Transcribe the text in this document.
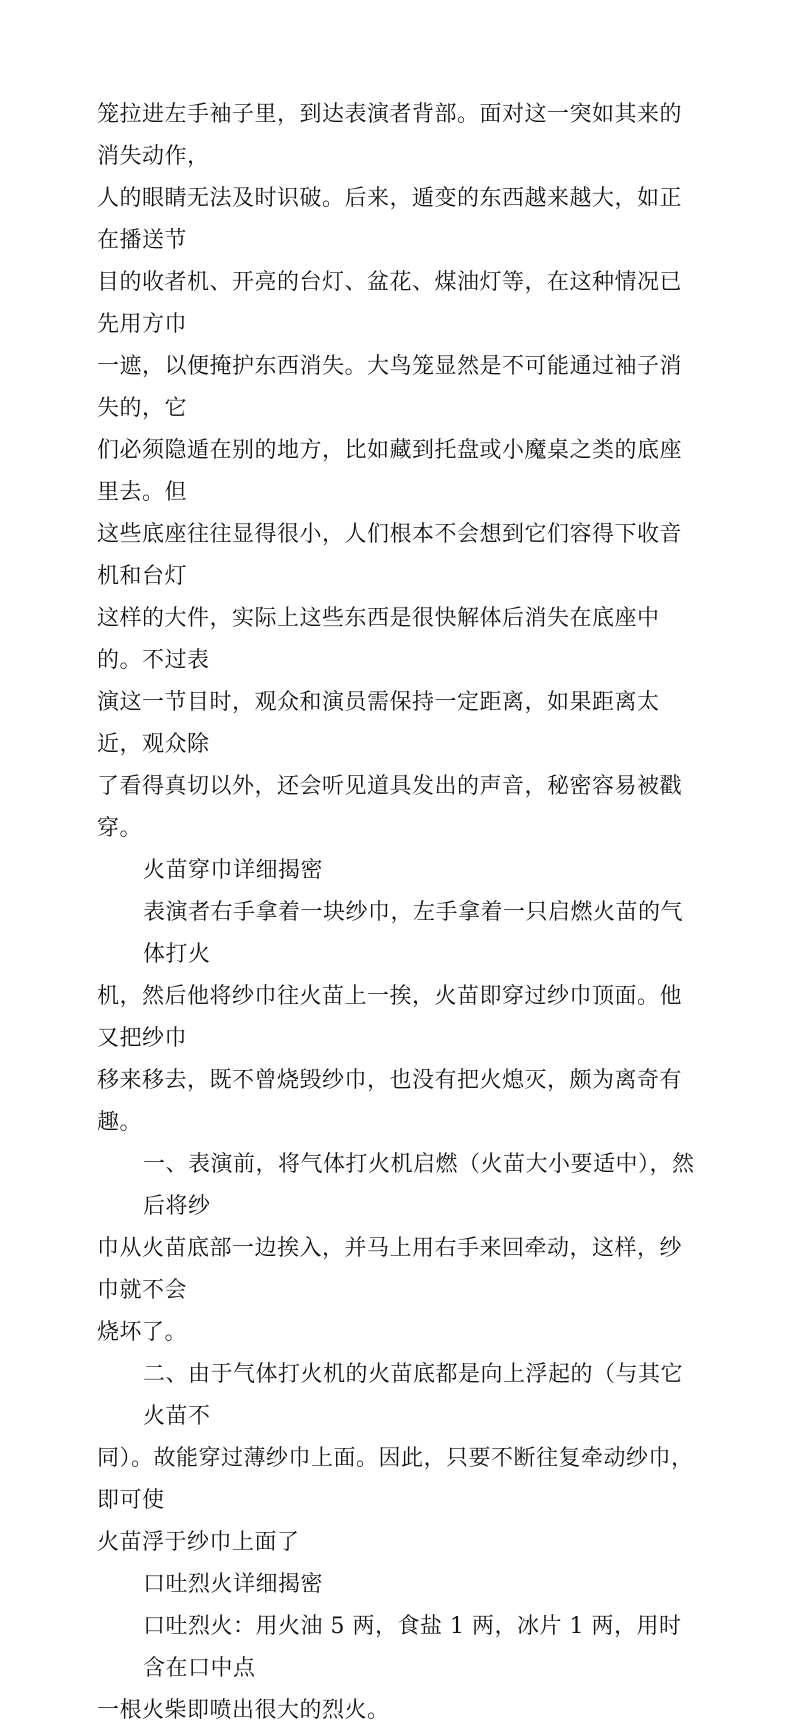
笼拉进左手袖子里，到达表演者背部。面对这一突如其来的消失动作，
人的眼睛无法及时识破。后来，遁变的东西越来越大，如正在播送节
目的收者机、开亮的台灯、盆花、煤油灯等，在这种情况已先用方巾
一遮，以便掩护东西消失。大鸟笼显然是不可能通过袖子消失的，它
们必须隐遁在别的地方，比如藏到托盘或小魔桌之类的底座里去。但
这些底座往往显得很小，人们根本不会想到它们容得下收音机和台灯
这样的大件，实际上这些东西是很快解体后消失在底座中的。不过表
演这一节目时，观众和演员需保持一定距离，如果距离太近，观众除
了看得真切以外，还会听见道具发出的声音，秘密容易被戳穿。
火苗穿巾详细揭密
表演者右手拿着一块纱巾，左手拿着一只启燃火苗的气体打火
机，然后他将纱巾往火苗上一挨，火苗即穿过纱巾顶面。他又把纱巾
移来移去，既不曾烧毁纱巾，也没有把火熄灭，颇为离奇有趣。
一、表演前，将气体打火机启燃（火苗大小要适中），然后将纱
巾从火苗底部一边挨入，并马上用右手来回牵动，这样，纱巾就不会
烧坏了。
二、由于气体打火机的火苗底都是向上浮起的（与其它火苗不
同）。故能穿过薄纱巾上面。因此，只要不断往复牵动纱巾，即可使
火苗浮于纱巾上面了
口吐烈火详细揭密
口吐烈火：用火油 5 两，食盐 1 两，冰片 1 两，用时含在口中点
一根火柴即喷出很大的烈火。
